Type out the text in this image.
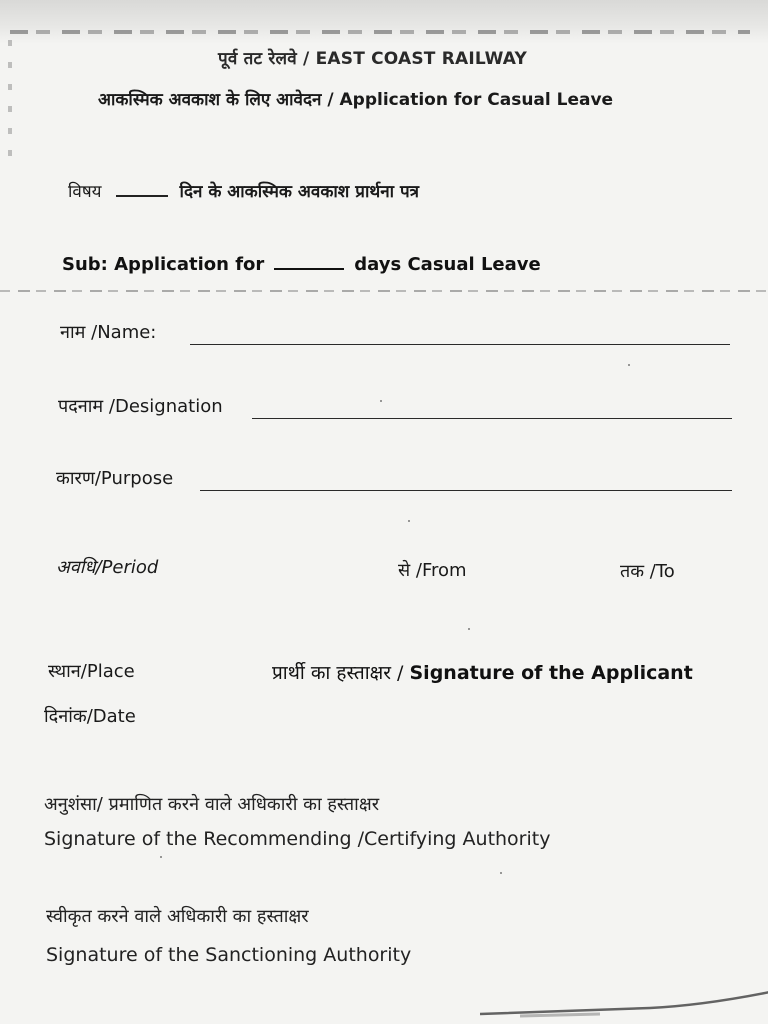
पूर्व तट रेलवे / EAST COAST RAILWAY
आकस्मिक अवकाश के लिए आवेदन / Application for Casual Leave
विषय	दिन के आकस्मिक अवकाश प्रार्थना पत्र
Sub: Application for	days Casual Leave
नाम /Name:
पदनाम /Designation
कारण/Purpose
अवधि/Period	से /From	तक /To
स्थान/Place	प्रार्थी का हस्ताक्षर / Signature of the Applicant
दिनांक/Date
अनुशंसा/ प्रमाणित करने वाले अधिकारी का हस्ताक्षर
Signature of the Recommending /Certifying Authority
स्वीकृत करने वाले अधिकारी का हस्ताक्षर
Signature of the Sanctioning Authority
